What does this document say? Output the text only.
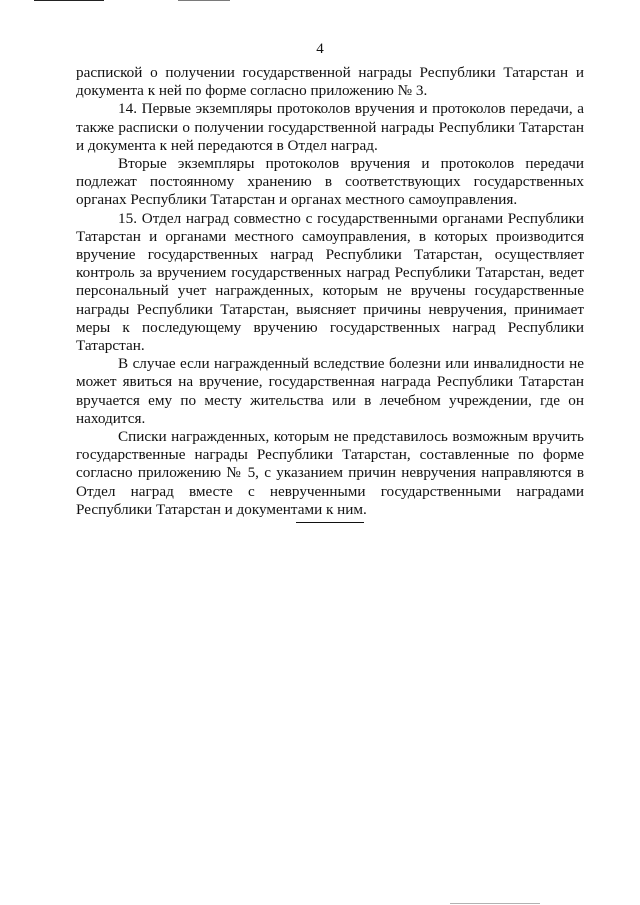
4

распиской о получении государственной награды Республики Татарстан и документа к ней по форме согласно приложению № 3.

14. Первые экземпляры протоколов вручения и протоколов передачи, а также расписки о получении государственной награды Республики Татарстан и документа к ней передаются в Отдел наград.

Вторые экземпляры протоколов вручения и протоколов передачи подлежат постоянному хранению в соответствующих государственных органах Республики Татарстан и органах местного самоуправления.

15. Отдел наград совместно с государственными органами Республики Татарстан и органами местного самоуправления, в которых производится вручение государственных наград Республики Татарстан, осуществляет контроль за вручением государственных наград Республики Татарстан, ведет персональный учет награжденных, которым не вручены государственные награды Республики Татарстан, выясняет причины невручения, принимает меры к последующему вручению государственных наград Республики Татарстан.

В случае если награжденный вследствие болезни или инвалидности не может явиться на вручение, государственная награда Республики Татарстан вручается ему по месту жительства или в лечебном учреждении, где он находится.

Списки награжденных, которым не представилось возможным вручить государственные награды Республики Татарстан, составленные по форме согласно приложению № 5, с указанием причин невручения направляются в Отдел наград вместе с неврученными государственными наградами Республики Татарстан и документами к ним.
